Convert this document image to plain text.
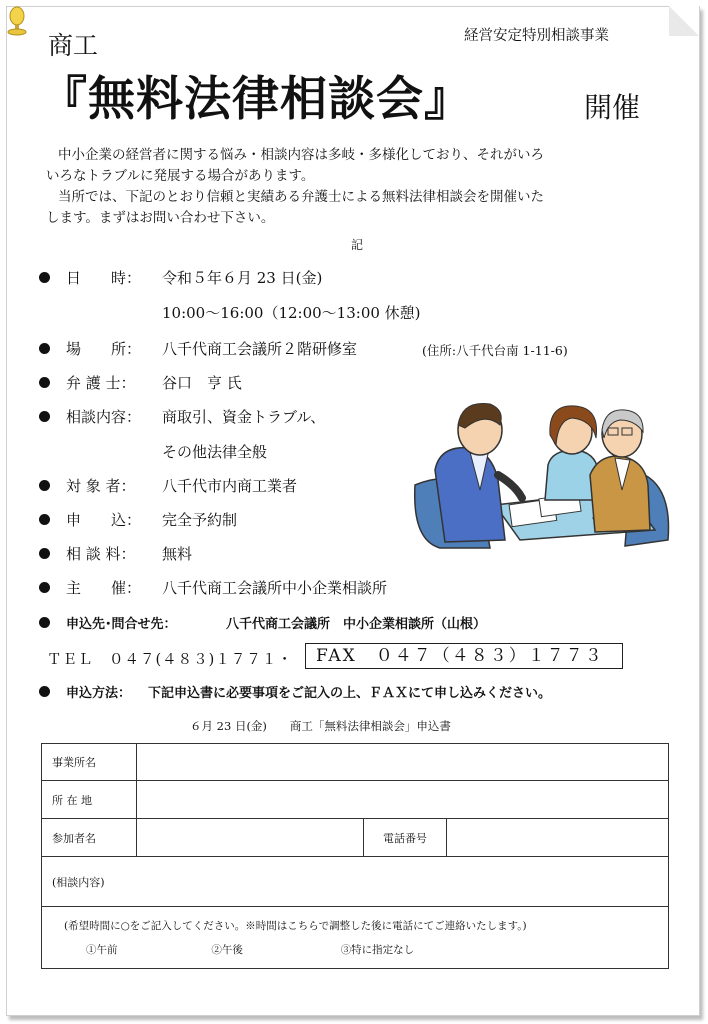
経営安定特別相談事業
商工
『無料法律相談会』	開催
中小企業の経営者に関する悩み・相談内容は多岐・多様化しており、それがいろ
いろなトラブルに発展する場合があります。
当所では、下記のとおり信頼と実績ある弁護士による無料法律相談会を開催いた
します。まずはお問い合わせ下さい。
記
日　　時： 令和５年６月 23 日(金)
10:00～16:00（12:00～13:00 休憩)
場　　所： 八千代商工会議所２階研修室	(住所:八千代台南 1-11-6)
弁 護 士： 谷口　亨 氏
相談内容： 商取引、資金トラブル、
その他法律全般
対 象 者： 八千代市内商工業者
申　　込： 完全予約制
相 談 料： 無料
主　　催： 八千代商工会議所中小企業相談所
申込先･問合せ先：	八千代商工会議所　中小企業相談所（山根）
ＴＥＬ　０４７(４８３)１７７１・	FAX　０４７（４８３）１７７３
申込方法： 下記申込書に必要事項をご記入の上、ＦＡＸにて申し込みください。
６月 23 日(金)　　商工「無料法律相談会」申込書
事業所名			
所 在 地			
参加者名		電話番号	
(相談内容)			

(希望時間に○をご記入してください。※時間はこちらで調整した後に電話にてご連絡いたします。)
①午前 ②午後 ③特に指定なし			
